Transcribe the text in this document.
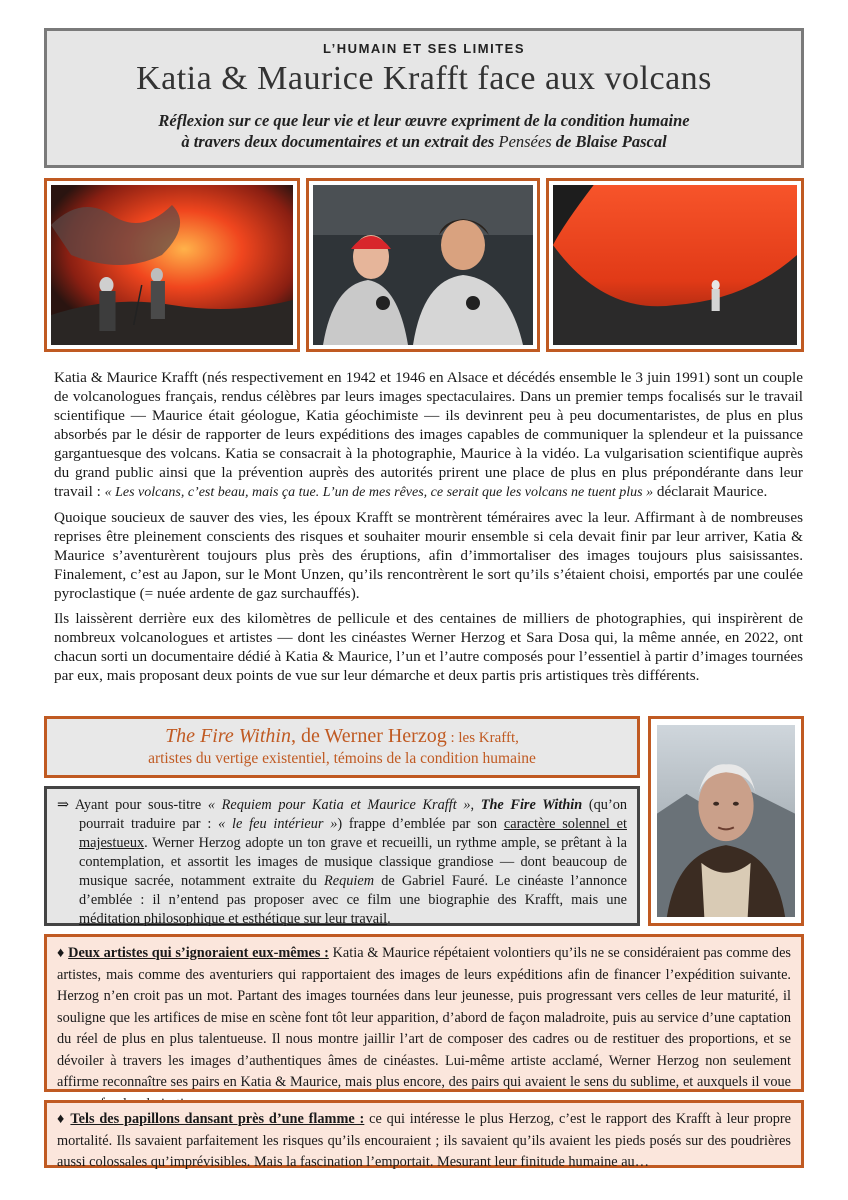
L’HUMAIN ET SES LIMITES
Katia & Maurice Krafft face aux volcans
Réflexion sur ce que leur vie et leur œuvre expriment de la condition humaine
à travers deux documentaires et un extrait des Pensées de Blaise Pascal

Katia & Maurice Krafft (nés respectivement en 1942 et 1946 en Alsace et décédés ensemble le 3 juin 1991) sont un couple de volcanologues français, rendus célèbres par leurs images spectaculaires. Dans un premier temps focalisés sur le travail scientifique — Maurice était géologue, Katia géochimiste — ils devinrent peu à peu documentaristes, de plus en plus absorbés par le désir de rapporter de leurs expéditions des images capables de communiquer la splendeur et la puissance gargantuesque des volcans. Katia se consacrait à la photographie, Maurice à la vidéo. La vulgarisation scientifique auprès du grand public ainsi que la prévention auprès des autorités prirent une place de plus en plus prépondérante dans leur travail : « Les volcans, c’est beau, mais ça tue. L’un de mes rêves, ce serait que les volcans ne tuent plus » déclarait Maurice.

Quoique soucieux de sauver des vies, les époux Krafft se montrèrent téméraires avec la leur. Affirmant à de nombreuses reprises être pleinement conscients des risques et souhaiter mourir ensemble si cela devait finir par leur arriver, Katia & Maurice s’aventurèrent toujours plus près des éruptions, afin d’immortaliser des images toujours plus saisissantes. Finalement, c’est au Japon, sur le Mont Unzen, qu’ils rencontrèrent le sort qu’ils s’étaient choisi, emportés par une coulée pyroclastique (= nuée ardente de gaz surchauffés).

Ils laissèrent derrière eux des kilomètres de pellicule et des centaines de milliers de photographies, qui inspirèrent de nombreux volcanologues et artistes — dont les cinéastes Werner Herzog et Sara Dosa qui, la même année, en 2022, ont chacun sorti un documentaire dédié à Katia & Maurice, l’un et l’autre composés pour l’essentiel à partir d’images tournées par eux, mais proposant deux points de vue sur leur démarche et deux partis pris artistiques très différents.

The Fire Within, de Werner Herzog : les Krafft,
artistes du vertige existentiel, témoins de la condition humaine

⇒ Ayant pour sous-titre « Requiem pour Katia et Maurice Krafft », The Fire Within (qu’on pourrait traduire par : « le feu intérieur ») frappe d’emblée par son caractère solennel et majestueux. Werner Herzog adopte un ton grave et recueilli, un rythme ample, se prêtant à la contemplation, et assortit les images de musique classique grandiose — dont beaucoup de musique sacrée, notamment extraite du Requiem de Gabriel Fauré. Le cinéaste l’annonce d’emblée : il n’entend pas proposer avec ce film une biographie des Krafft, mais une méditation philosophique et esthétique sur leur travail.

♦ Deux artistes qui s’ignoraient eux-mêmes : Katia & Maurice répétaient volontiers qu’ils ne se considéraient pas comme des artistes, mais comme des aventuriers qui rapportaient des images de leurs expéditions afin de financer l’expédition suivante. Herzog n’en croit pas un mot. Partant des images tournées dans leur jeunesse, puis progressant vers celles de leur maturité, il souligne que les artifices de mise en scène font tôt leur apparition, d’abord de façon maladroite, puis au service d’une captation du réel de plus en plus talentueuse. Il nous montre jaillir l’art de composer des cadres ou de restituer des proportions, et se dévoiler à travers les images d’authentiques âmes de cinéastes. Lui-même artiste acclamé, Werner Herzog non seulement affirme reconnaître ses pairs en Katia & Maurice, mais plus encore, des pairs qui avaient le sens du sublime, et auxquels il voue

♦ Tels des papillons dansant près d’une flamme : ce qui intéresse le plus Herzog, c’est le rapport des Krafft à leur propre mortalité. Ils savaient parfaitement les risques qu’ils encouraient ; ils savaient qu’ils avaient les pieds posés sur des poudrières aussi colossales qu’imprévisibles. Mais la fascination l’emportait. Mesurant leur finitude humaine au…
